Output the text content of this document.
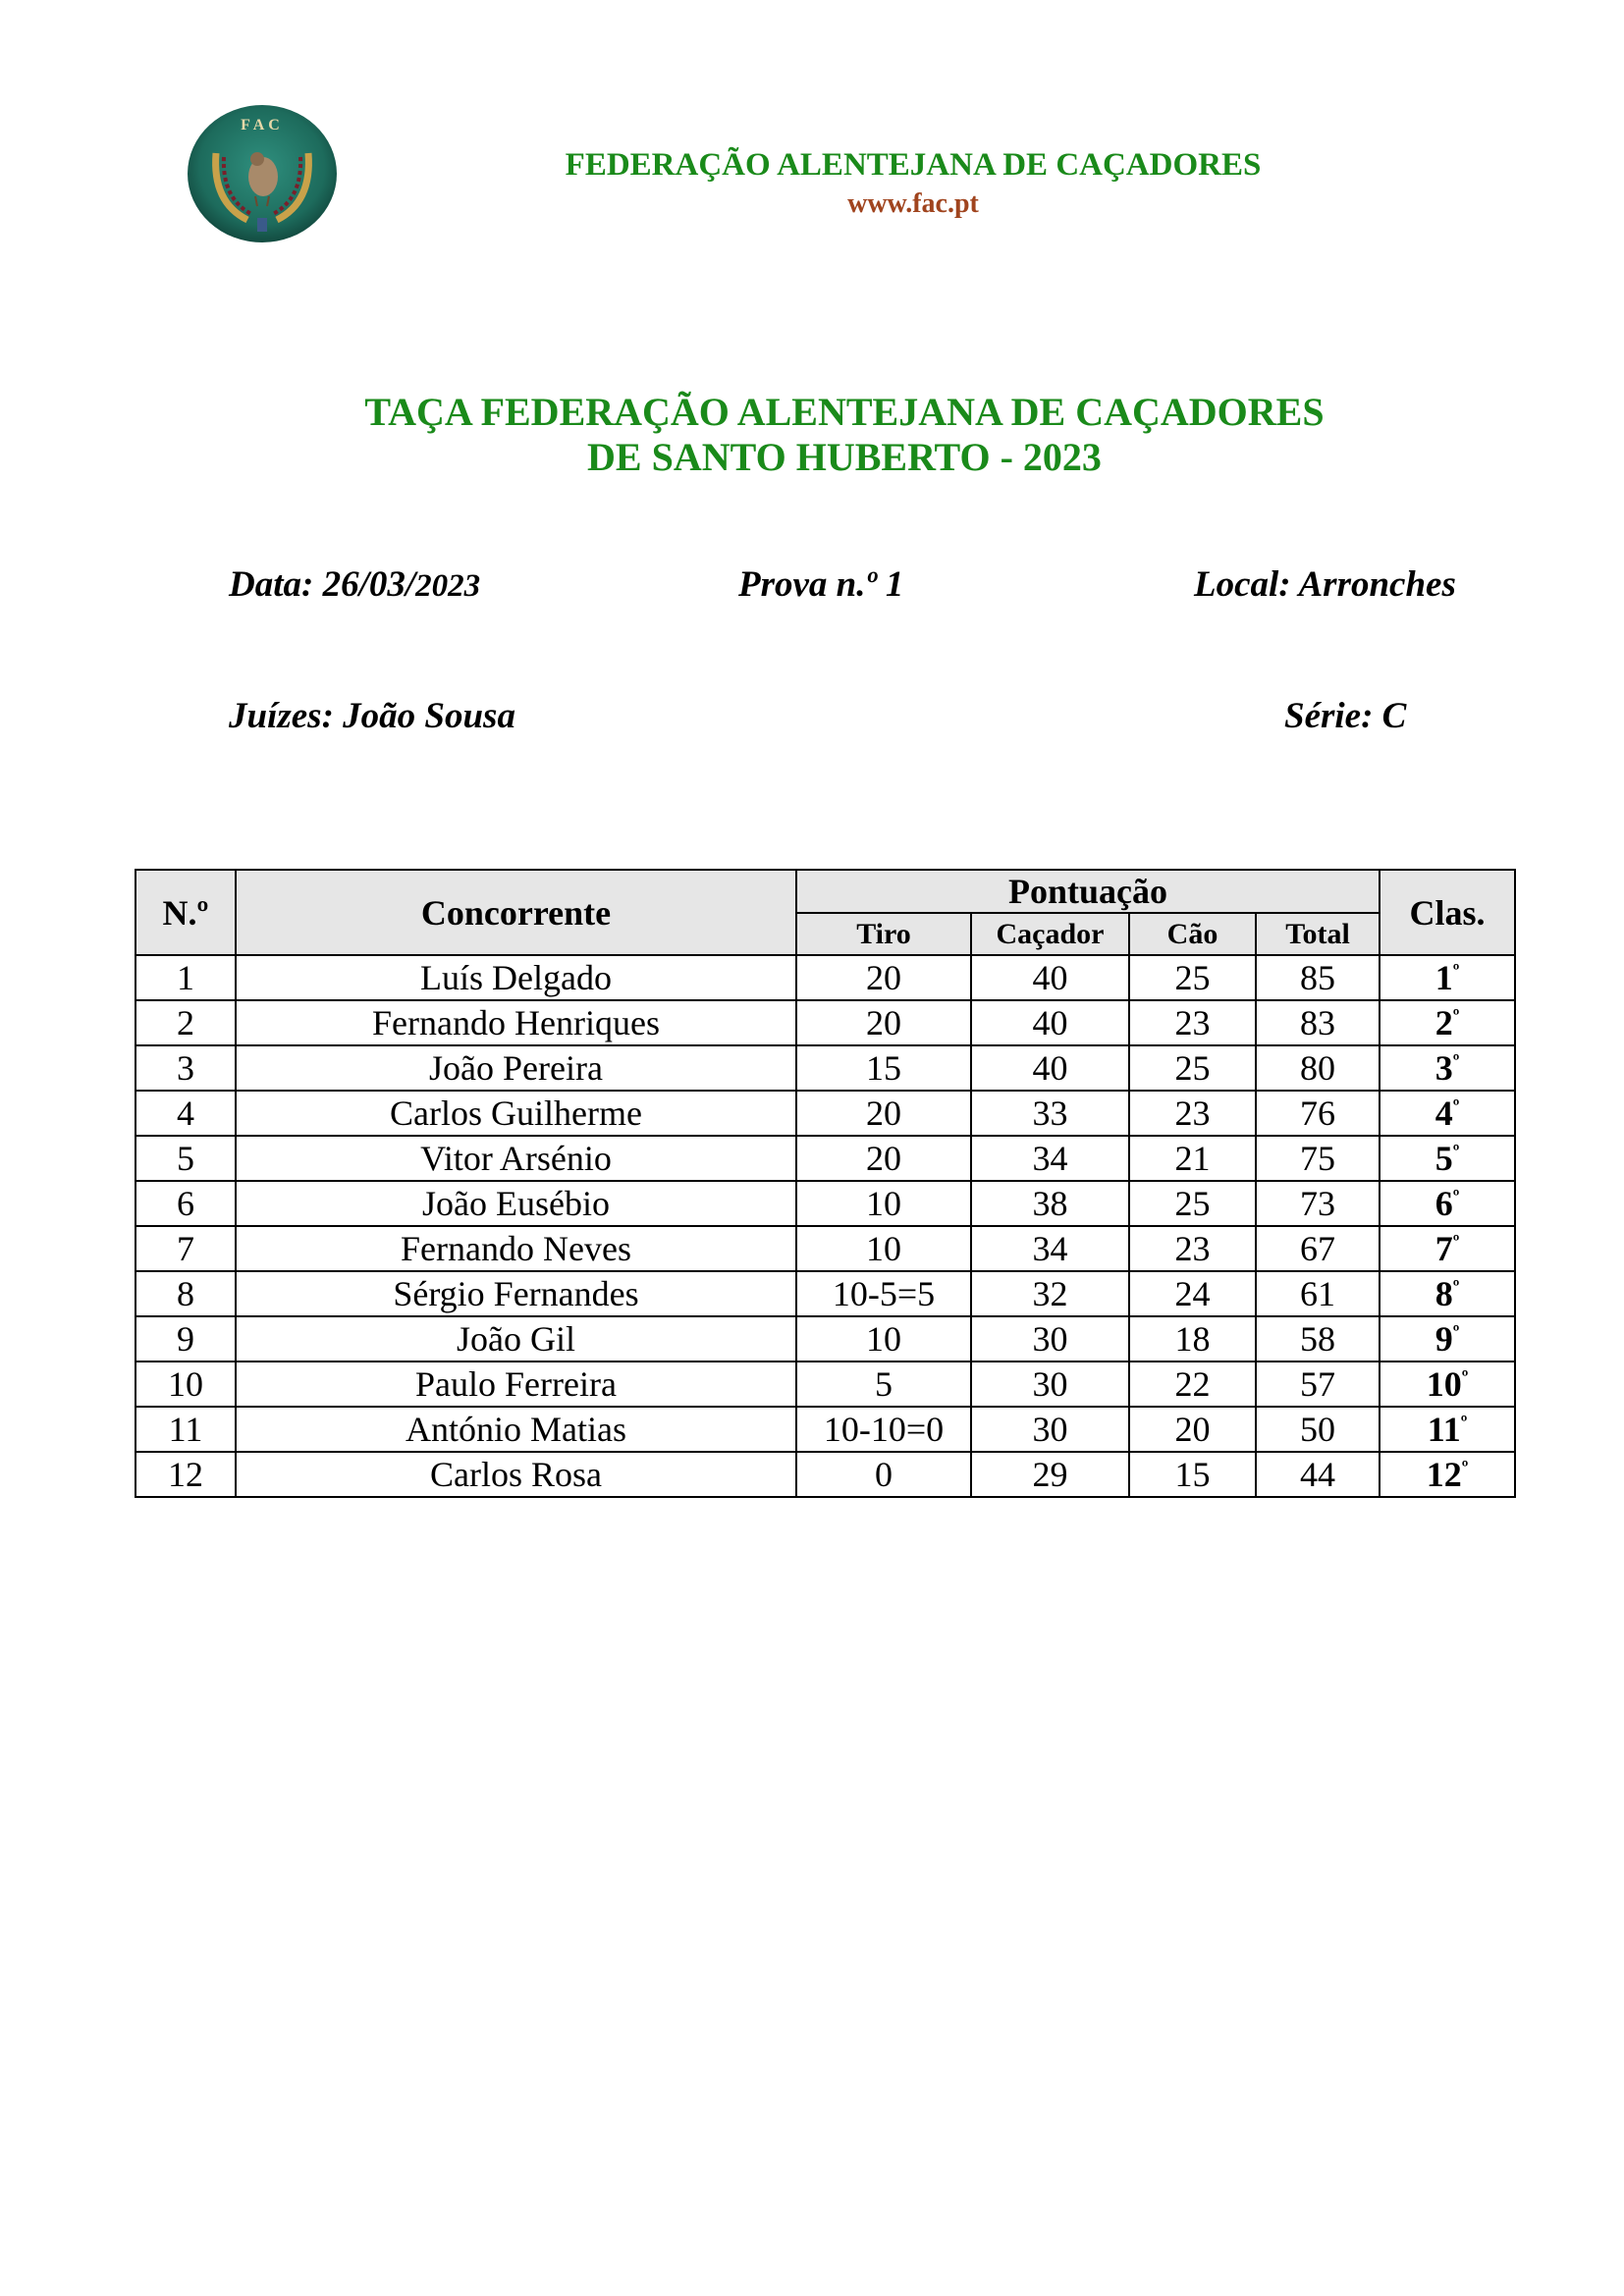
FAC
FEDERAÇÃO ALENTEJANA DE CAÇADORES
www.fac.pt
TAÇA FEDERAÇÃO ALENTEJANA DE CAÇADORES
DE SANTO HUBERTO - 2023
Data: 26/03/2023	Prova n.º 1	Local: Arronches
Juízes: João Sousa	Série: C
N.º	Concorrente	Pontuação				Clas.
		Tiro	Caçador	Cão	Total	
1	Luís Delgado	20	40	25	85	$1^º$
2	Fernando Henriques	20	40	23	83	$2^º$
3	João Pereira	15	40	25	80	$3^º$
4	Carlos Guilherme	20	33	23	76	$4^º$
5	Vitor Arsénio	20	34	21	75	$5^º$
6	João Eusébio	10	38	25	73	$6^º$
7	Fernando Neves	10	34	23	67	$7^º$
8	Sérgio Fernandes	10-5=5	32	24	61	$8^º$
9	João Gil	10	30	18	58	$9^º$
10	Paulo Ferreira	5	30	22	57	$10^º$
11	António Matias	10-10=0	30	20	50	$11^º$
12	Carlos Rosa	0	29	15	44	$12^º$
